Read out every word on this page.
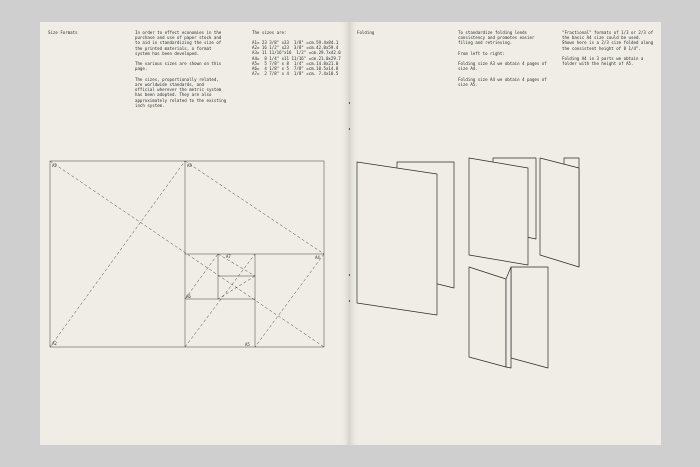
Size Formats	In order to effect economies in the
purchase and use of paper stock and
to aid in standardizing the size of
the printed materials, a format
system has been developed.

The various sizes are shown on this
page.

The sizes, proportionally related,
are worldwide standards, and
official wherever the metric system
has been adopted. They are also
approximately related to the existing
inch system.
The sizes are:
A1= 23 3/8" x33  1/8" =cm.59.4x84.1
A2= 16 1/2" x23  3/8" =cm.42.0x59.4
A3= 11 11/16"x16  1/2" =cm.29.7x42.0
A4=  8 1/4" x11 11/16" =cm.21.0x29.7
A5=  5 7/8" x 8  1/4" =cm.14.8x21.0
A6=  4 1/8" x 5  7/8" =cm.10.5x14.8
A7=  2 7/8" x 4  1/8" =cm. 7.4x10.5
A2	A3
A4
A5
A6
A7
A2
Folding	To standardize folding lends
consistency and promotes easier
filing and retrieving.

From left to right:

Folding size A3 we obtain 4 pages of
size A4.

Folding size A4 we obtain 4 pages of
size A5.
"Fractional" formats of 1/3 or 2/3 of
the basic A4 size could be used.
Shown here is a 2/3 size folded along
the consistent height of 8 1/4".

Folding A4 in 3 parts we obtain a
folder with the height of A5.
